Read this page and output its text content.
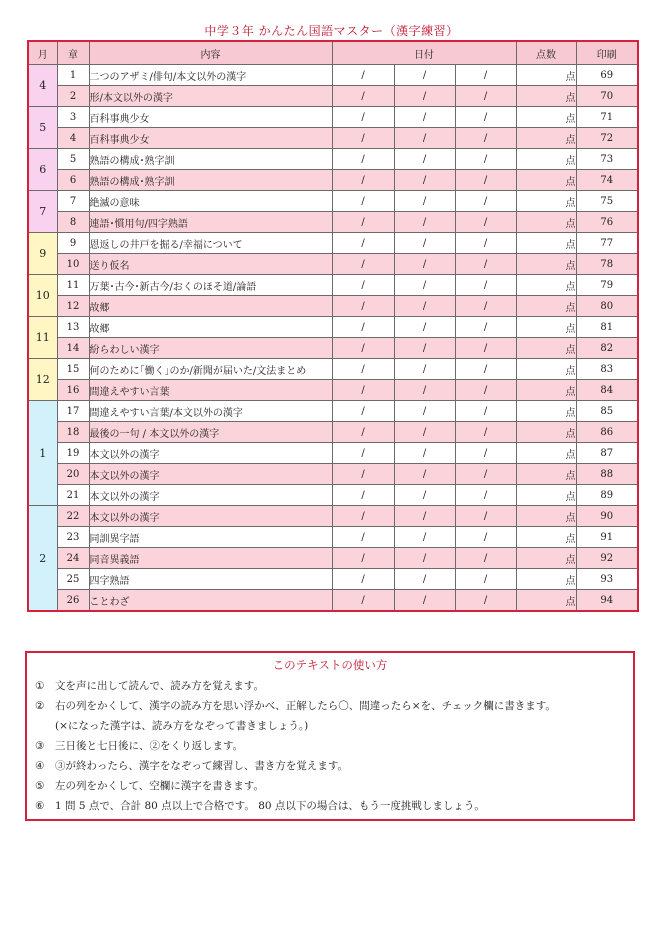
中学３年 かんたん国語マスター（漢字練習）
月	章	内容	日付			点数	印刷
4	1	二つのアザミ/俳句/本文以外の漢字	/	/	/	点	69
	2	形/本文以外の漢字	/	/	/	点	70
5	3	百科事典少女	/	/	/	点	71
	4	百科事典少女	/	/	/	点	72
6	5	熟語の構成･熟字訓	/	/	/	点	73
	6	熟語の構成･熟字訓	/	/	/	点	74
7	7	絶滅の意味	/	/	/	点	75
	8	連語･慣用句/四字熟語	/	/	/	点	76
9	9	恩返しの井戸を掘る/幸福について	/	/	/	点	77
	10	送り仮名	/	/	/	点	78
10	11	万葉･古今･新古今/おくのほそ道/論語	/	/	/	点	79
	12	故郷	/	/	/	点	80
11	13	故郷	/	/	/	点	81
	14	紛らわしい漢字	/	/	/	点	82
12	15	何のために｢働く｣のか/新聞が届いた/文法まとめ	/	/	/	点	83
	16	間違えやすい言葉	/	/	/	点	84
1	17	間違えやすい言葉/本文以外の漢字	/	/	/	点	85
	18	最後の一句 / 本文以外の漢字	/	/	/	点	86
	19	本文以外の漢字	/	/	/	点	87
	20	本文以外の漢字	/	/	/	点	88
	21	本文以外の漢字	/	/	/	点	89
2	22	本文以外の漢字	/	/	/	点	90
	23	同訓異字語	/	/	/	点	91
	24	同音異義語	/	/	/	点	92
	25	四字熟語	/	/	/	点	93
	26	ことわざ	/	/	/	点	94
このテキストの使い方
① 文を声に出して読んで、読み方を覚えます。
② 右の列をかくして、漢字の読み方を思い浮かべ、正解したら〇、間違ったら×を、チェック欄に書きます。
(×になった漢字は、読み方をなぞって書きましょう。)
③ 三日後と七日後に、②をくり返します。
④ ③が終わったら、漢字をなぞって練習し、書き方を覚えます。
⑤ 左の列をかくして、空欄に漢字を書きます。
⑥ 1 問 5 点で、合計 80 点以上で合格です。 80 点以下の場合は、もう一度挑戦しましょう。
